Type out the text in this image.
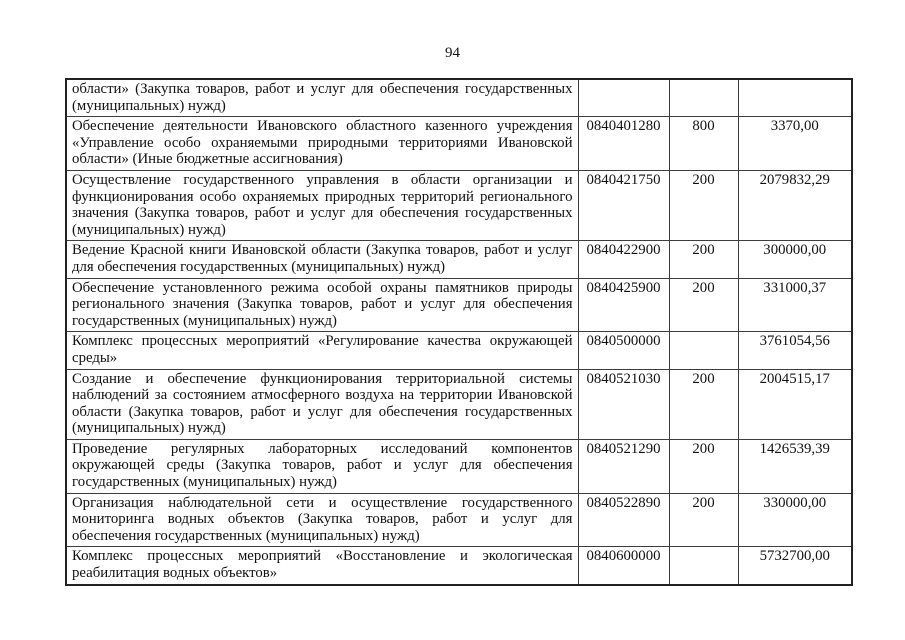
94
области» (Закупка товаров, работ и услуг для обеспечения государственных (муниципальных) нужд)			
Обеспечение деятельности Ивановского областного казенного учреждения «Управление особо охраняемыми природными территориями Ивановской области» (Иные бюджетные ассигнования)	0840401280	800	3370,00
Осуществление государственного управления в области организации и функционирования особо охраняемых природных территорий регионального значения (Закупка товаров, работ и услуг для обеспечения государственных (муниципальных) нужд)	0840421750	200	2079832,29
Ведение Красной книги Ивановской области (Закупка товаров, работ и услуг для обеспечения государственных (муниципальных) нужд)	0840422900	200	300000,00
Обеспечение установленного режима особой охраны памятников природы регионального значения (Закупка товаров, работ и услуг для обеспечения государственных (муниципальных) нужд)	0840425900	200	331000,37
Комплекс процессных мероприятий «Регулирование качества окружающей среды»	0840500000		3761054,56
Создание и обеспечение функционирования территориальной системы наблюдений за состоянием атмосферного воздуха на территории Ивановской области (Закупка товаров, работ и услуг для обеспечения государственных (муниципальных) нужд)	0840521030	200	2004515,17
Проведение регулярных лабораторных исследований компонентов окружающей среды (Закупка товаров, работ и услуг для обеспечения государственных (муниципальных) нужд)	0840521290	200	1426539,39
Организация наблюдательной сети и осуществление государственного мониторинга водных объектов (Закупка товаров, работ и услуг для обеспечения государственных (муниципальных) нужд)	0840522890	200	330000,00
Комплекс процессных мероприятий «Восстановление и экологическая реабилитация водных объектов»	0840600000		5732700,00
